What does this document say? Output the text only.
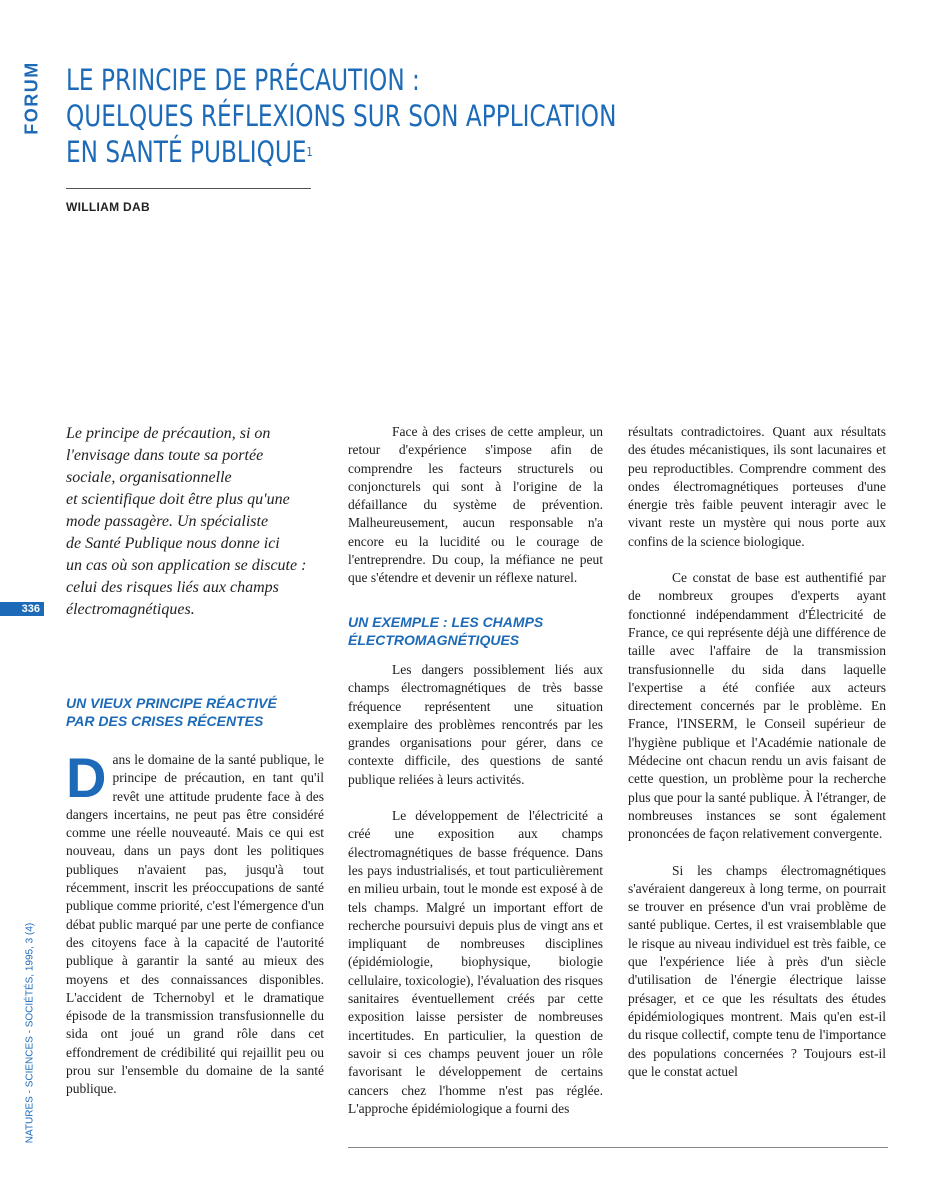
FORUM LE PRINCIPE DE PRÉCAUTION :
QUELQUES RÉFLEXIONS SUR SON APPLICATION
EN SANTÉ PUBLIQUE$^1$
WILLIAM DAB
Le principe de précaution, si on
l'envisage dans toute sa portée
sociale, organisationnelle
et scientifique doit être plus qu'une
mode passagère. Un spécialiste
de Santé Publique nous donne ici
un cas où son application se discute :
celui des risques liés aux champs
électromagnétiques.
336
NATURES - SCIENCES - SOCIÉTÉS, 1995, 3 (4)
UN VIEUX PRINCIPE RÉACTIVÉ
PAR DES CRISES RÉCENTES

Dans le domaine de la santé publique, le principe de précaution, en tant qu'il revêt une attitude prudente face à des dangers incertains, ne peut pas être considéré comme une réelle nouveauté. Mais ce qui est nouveau, dans un pays dont les politiques publiques n'avaient pas, jusqu'à tout récemment, inscrit les préoccupations de santé publique comme priorité, c'est l'émergence d'un débat public marqué par une perte de confiance des citoyens face à la capacité de l'autorité publique à garantir la santé au mieux des moyens et des connaissances disponibles. L'accident de Tchernobyl et le dramatique épisode de la transmission transfusionnelle du sida ont joué un grand rôle dans cet effondrement de crédibilité qui rejaillit peu ou prou sur l'ensemble du domaine de la santé publique.

Face à des crises de cette ampleur, un retour d'expérience s'impose afin de comprendre les facteurs structurels ou conjoncturels qui sont à l'origine de la défaillance du système de prévention. Malheureusement, aucun responsable n'a encore eu la lucidité ou le courage de l'entreprendre. Du coup, la méfiance ne peut que s'étendre et devenir un réflexe naturel.

UN EXEMPLE : LES CHAMPS
ÉLECTROMAGNÉTIQUES

Les dangers possiblement liés aux champs électromagnétiques de très basse fréquence représentent une situation exemplaire des problèmes rencontrés par les grandes organisations pour gérer, dans ce contexte difficile, des questions de santé publique reliées à leurs activités.

Le développement de l'électricité a créé une exposition aux champs électromagnétiques de basse fréquence. Dans les pays industrialisés, et tout particulièrement en milieu urbain, tout le monde est exposé à de tels champs. Malgré un important effort de recherche poursuivi depuis plus de vingt ans et impliquant de nombreuses disciplines (épidémiologie, biophysique, biologie cellulaire, toxicologie), l'évaluation des risques sanitaires éventuellement créés par cette exposition laisse persister de nombreuses incertitudes. En particulier, la question de savoir si ces champs peuvent jouer un rôle favorisant le développement de certains cancers chez l'homme n'est pas réglée. L'approche épidémiologique a fourni des

résultats contradictoires. Quant aux résultats des études mécanistiques, ils sont lacunaires et peu reproductibles. Comprendre comment des ondes électromagnétiques porteuses d'une énergie très faible peuvent interagir avec le vivant reste un mystère qui nous porte aux confins de la science biologique.

Ce constat de base est authentifié par de nombreux groupes d'experts ayant fonctionné indépendamment d'Électricité de France, ce qui représente déjà une différence de taille avec l'affaire de la transmission transfusionnelle du sida dans laquelle l'expertise a été confiée aux acteurs directement concernés par le problème. En France, l'INSERM, le Conseil supérieur de l'hygiène publique et l'Académie nationale de Médecine ont chacun rendu un avis faisant de cette question, un problème pour la recherche plus que pour la santé publique. À l'étranger, de nombreuses instances se sont également prononcées de façon relativement convergente.

Si les champs électromagnétiques s'avéraient dangereux à long terme, on pourrait se trouver en présence d'un vrai problème de santé publique. Certes, il est vraisemblable que le risque au niveau individuel est très faible, ce que l'expérience liée à près d'un siècle d'utilisation de l'énergie électrique laisse présager, et ce que les résultats des études épidémiologiques montrent. Mais qu'en est-il du risque collectif, compte tenu de l'importance des populations concernées ? Toujours est-il que le constat actuel
